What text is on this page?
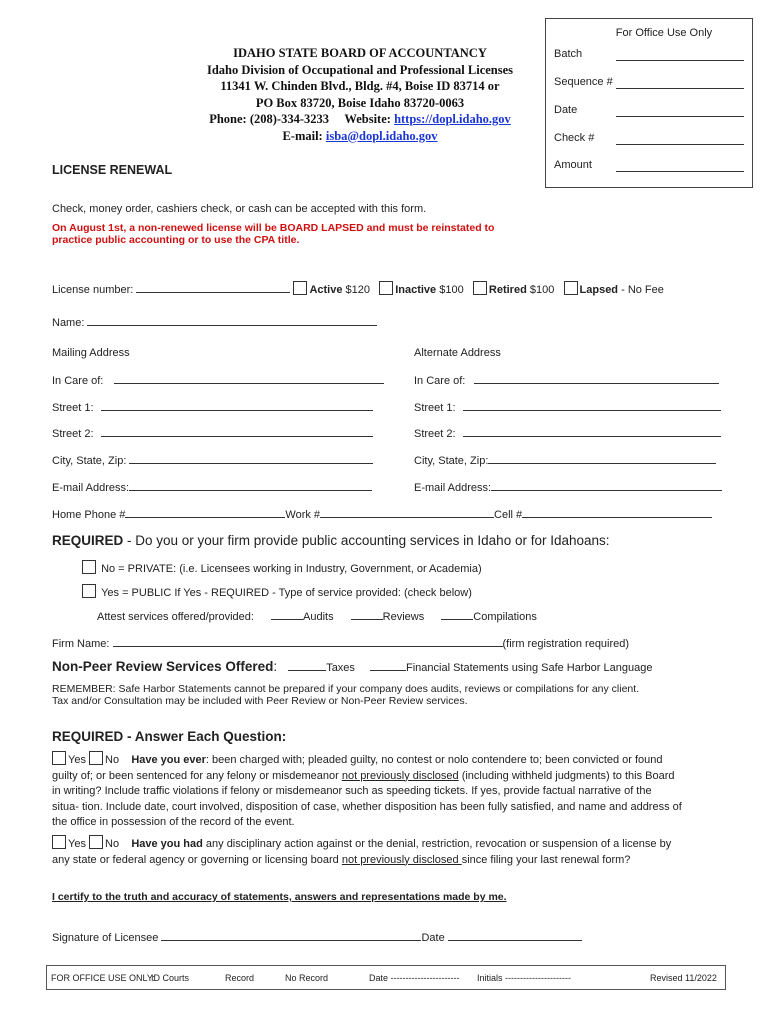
For Office Use Only
Batch
Sequence #
Date
Check #
Amount
IDAHO STATE BOARD OF ACCOUNTANCY
Idaho Division of Occupational and Professional Licenses
11341 W. Chinden Blvd., Bldg. #4, Boise ID 83714 or
PO Box 83720, Boise Idaho 83720-0063
Phone: (208)-334-3233 Website: https://dopl.idaho.gov
E-mail: isba@dopl.idaho.gov
LICENSE RENEWAL
Check, money order, cashiers check, or cash can be accepted with this form.
On August 1st, a non-renewed license will be BOARD LAPSED and must be reinstated to
practice public accounting or to use the CPA title.
License number:	Active $120 Inactive $100 Retired $100 Lapsed - No Fee
Name:
Mailing Address
In Care of:
Street 1:
Street 2:
City, State, Zip:
E-mail Address:
Alternate Address
In Care of:
Street 1:
Street 2:
City, State, Zip:
E-mail Address:
Home Phone #	Work #	Cell #
REQUIRED - Do you or your firm provide public accounting services in Idaho or for Idahoans:
No = PRIVATE: (i.e. Licensees working in Industry, Government, or Academia)
Yes = PUBLIC If Yes - REQUIRED - Type of service provided: (check below)
Attest services offered/provided:	Audits	Reviews	Compilations
Firm Name:	(firm registration required)
Non-Peer Review Services Offered:	Taxes	Financial Statements using Safe Harbor Language
REMEMBER: Safe Harbor Statements cannot be prepared if your company does audits, reviews or compilations for any client.
Tax and/or Consultation may be included with Peer Review or Non-Peer Review services.
REQUIRED - Answer Each Question:
Yes No Have you ever: been charged with; pleaded guilty, no contest or nolo contendere to; been convicted or found
guilty of; or been sentenced for any felony or misdemeanor not previously disclosed (including withheld judgments) to this Board
in writing? Include traffic violations if felony or misdemeanor such as speeding tickets. If yes, provide factual narrative of the
situa- tion. Include date, court involved, disposition of case, whether disposition has been fully satisfied, and name and address of
the office in possession of the record of the event.
Yes No Have you had any disciplinary action against or the denial, restriction, revocation or suspension of a license by
any state or federal agency or governing or licensing board not previously disclosed since filing your last renewal form?
I certify to the truth and accuracy of statements, answers and representations made by me.
Signature of Licensee	Date
FOR OFFICE USE ONLY:
ID Courts	Record	No Record	Date ----------------------- Initials ----------------------	Revised 11/2022
